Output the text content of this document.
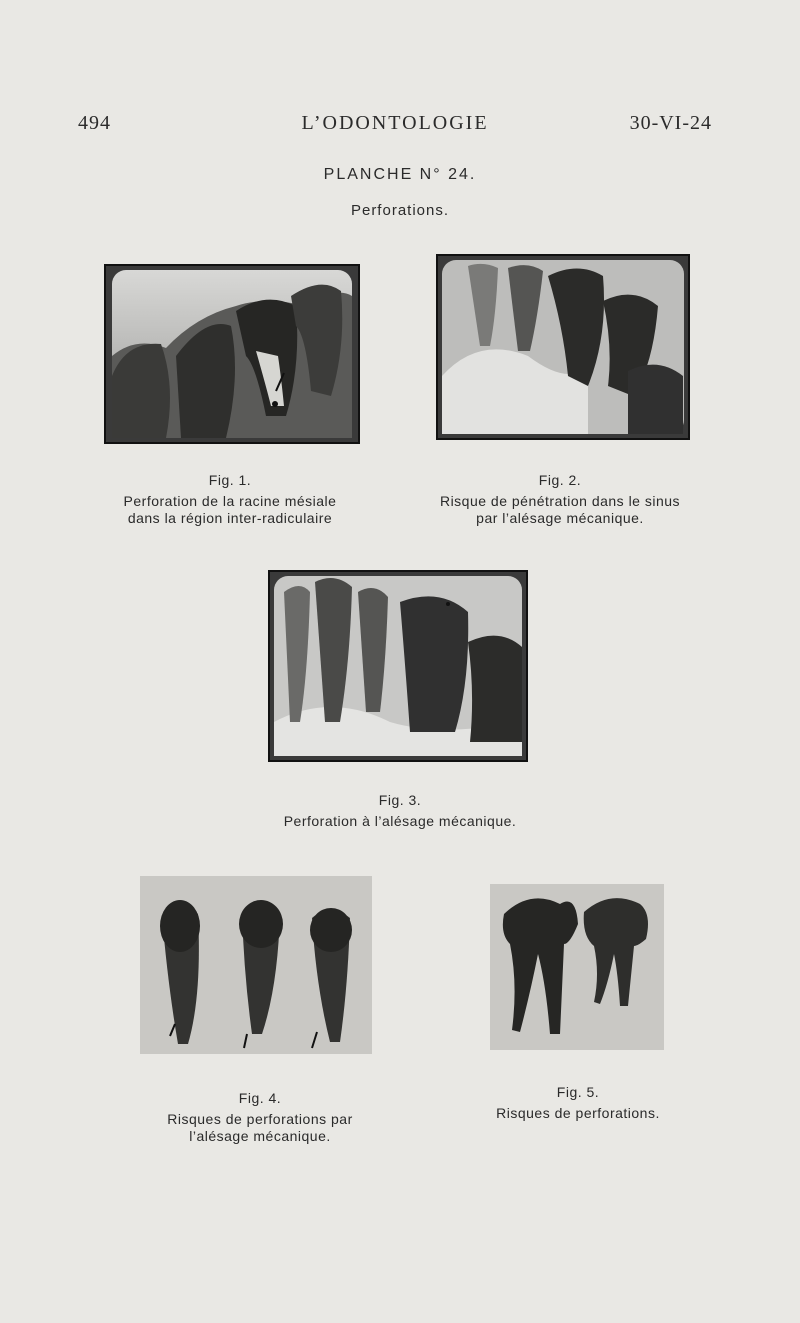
494	L’ODONTOLOGIE	30-VI-24
PLANCHE N° 24.
Perforations.
Fig. 1.
Perforation de la racine mésiale
dans la région inter-radiculaire
Fig. 2.
Risque de pénétration dans le sinus
par l’alésage mécanique.
Fig. 3.
Perforation à l’alésage mécanique.
Fig. 4.
Risques de perforations par
l’alésage mécanique.
Fig. 5.
Risques de perforations.
